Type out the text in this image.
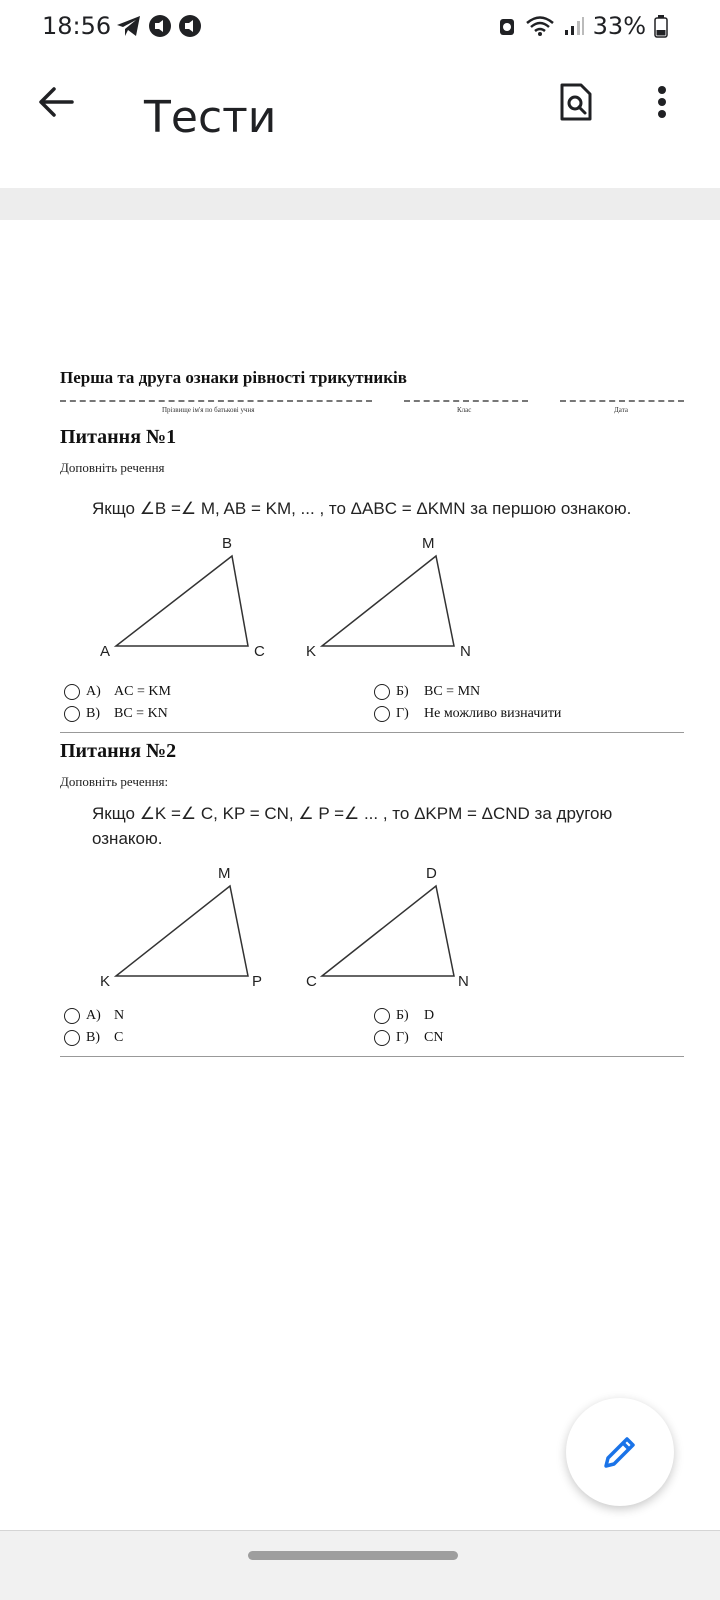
18:56	33%
Тести
Перша та друга ознаки рівності трикутників
Прізвище ім'я по батькові учня	Клас	Дата
Питання №1
Доповніть речення
Якщо ∠B =∠ M, AB = KM, ... , то ΔABC = ΔKMN за першою ознакою.
B
A	C
M
K	N
А) AC = KM	Б)	BC = MN
В)	BC = KN	Г)	Не можливо визначити
Питання №2
Доповніть речення:
Якщо ∠K =∠ C, KP = CN, ∠ P =∠ ... , то ΔKPM = ΔCND за другою ознакою.
M
K	P
D
C	N
А) N	Б)	D
В)	C	Г)	CN
